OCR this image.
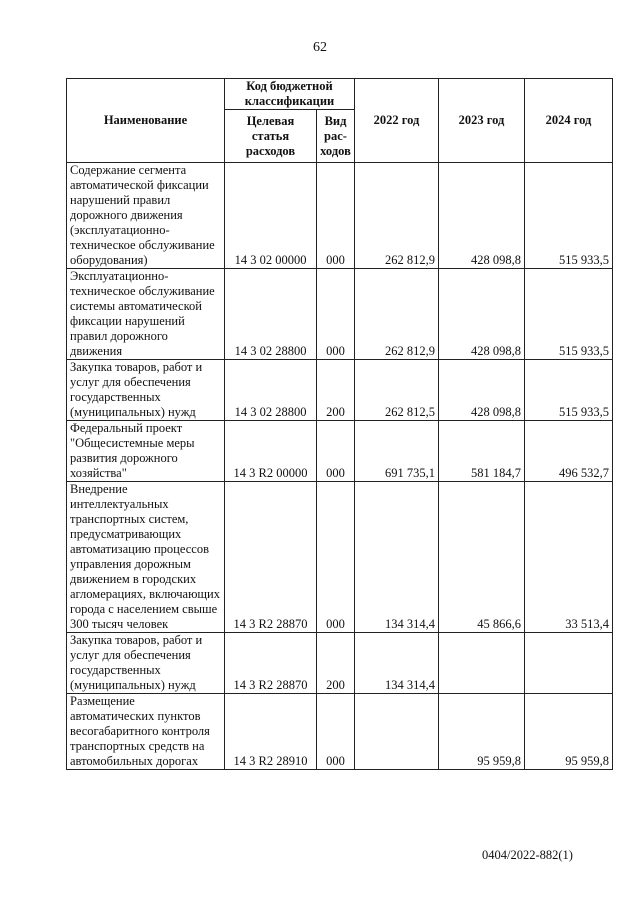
62
Наименование	Код бюджетной классификации		2022 год	2023 год	2024 год
	Целевая статья расходов	Вид рас-ходов			
Содержание сегмента автоматической фиксации нарушений правил дорожного движения (эксплуатационно-техническое обслуживание оборудования)	14 3 02 00000	000	262 812,9	428 098,8	515 933,5
Эксплуатационно-техническое обслуживание системы автоматической фиксации нарушений правил дорожного движения	14 3 02 28800	000	262 812,9	428 098,8	515 933,5
Закупка товаров, работ и услуг для обеспечения государственных (муниципальных) нужд	14 3 02 28800	200	262 812,5	428 098,8	515 933,5
Федеральный проект "Общесистемные меры развития дорожного хозяйства"	14 3 R2 00000	000	691 735,1	581 184,7	496 532,7
Внедрение интеллектуальных транспортных систем, предусматривающих автоматизацию процессов управления дорожным движением в городских агломерациях, включающих города с населением свыше 300 тысяч человек	14 3 R2 28870	000	134 314,4	45 866,6	33 513,4
Закупка товаров, работ и услуг для обеспечения государственных (муниципальных) нужд	14 3 R2 28870	200	134 314,4		
Размещение автоматических пунктов весогабаритного контроля транспортных средств на автомобильных дорогах	14 3 R2 28910	000		95 959,8	95 959,8
0404/2022-882(1)
